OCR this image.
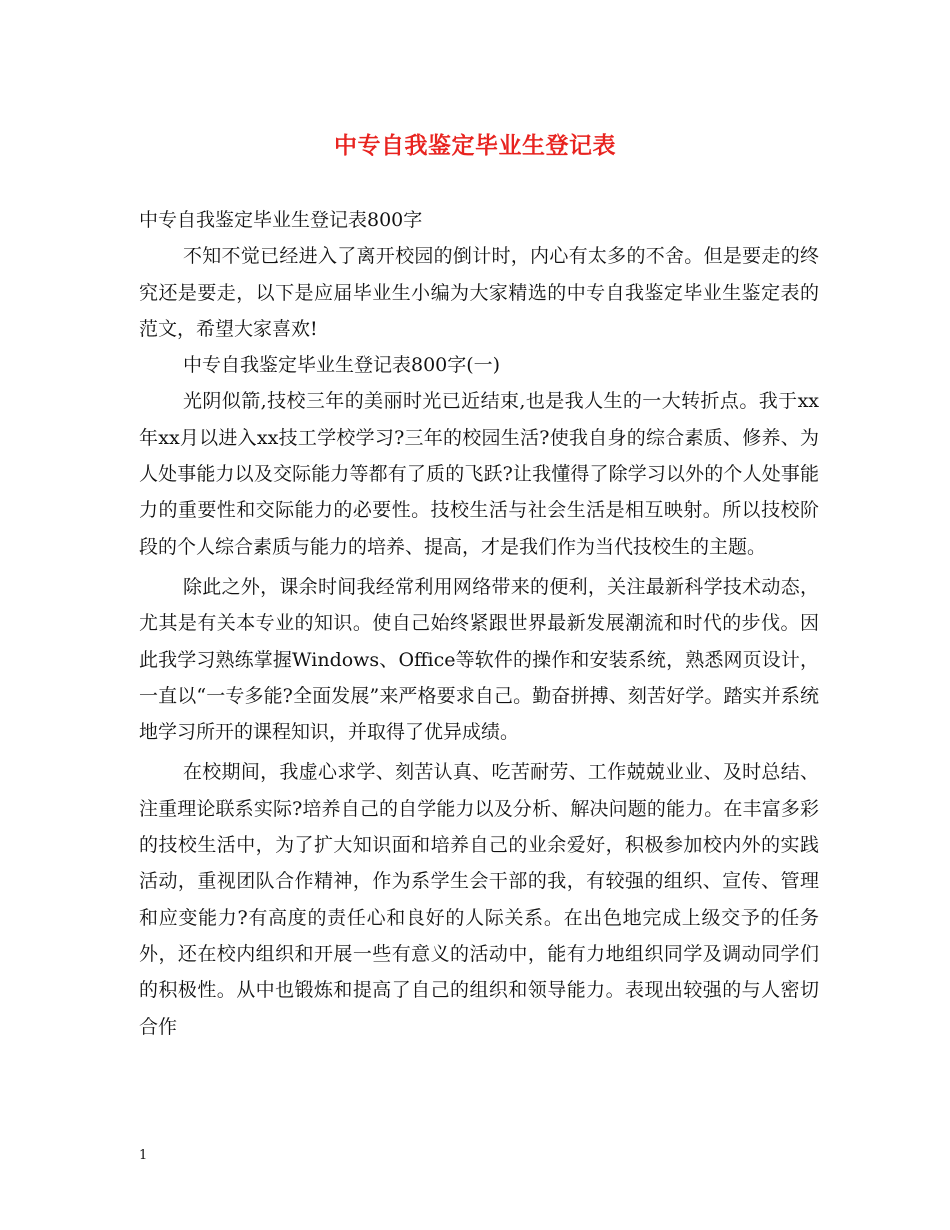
中专自我鉴定毕业生登记表

中专自我鉴定毕业生登记表800字

不知不觉已经进入了离开校园的倒计时，内心有太多的不舍。但是要走的终究还是要走，以下是应届毕业生小编为大家精选的中专自我鉴定毕业生鉴定表的范文，希望大家喜欢!

中专自我鉴定毕业生登记表800字(一)

光阴似箭,技校三年的美丽时光已近结束,也是我人生的一大转折点。我于xx年xx月以进入xx技工学校学习?三年的校园生活?使我自身的综合素质、修养、为人处事能力以及交际能力等都有了质的飞跃?让我懂得了除学习以外的个人处事能力的重要性和交际能力的必要性。技校生活与社会生活是相互映射。所以技校阶段的个人综合素质与能力的培养、提高，才是我们作为当代技校生的主题。

除此之外，课余时间我经常利用网络带来的便利，关注最新科学技术动态，尤其是有关本专业的知识。使自己始终紧跟世界最新发展潮流和时代的步伐。因此我学习熟练掌握Windows、Office等软件的操作和安装系统，熟悉网页设计，一直以“一专多能?全面发展”来严格要求自己。勤奋拼搏、刻苦好学。踏实并系统地学习所开的课程知识，并取得了优异成绩。

在校期间，我虚心求学、刻苦认真、吃苦耐劳、工作兢兢业业、及时总结、注重理论联系实际?培养自己的自学能力以及分析、解决问题的能力。在丰富多彩的技校生活中，为了扩大知识面和培养自己的业余爱好，积极参加校内外的实践活动，重视团队合作精神，作为系学生会干部的我，有较强的组织、宣传、管理和应变能力?有高度的责任心和良好的人际关系。在出色地完成上级交予的任务外，还在校内组织和开展一些有意义的活动中，能有力地组织同学及调动同学们的积极性。从中也锻炼和提高了自己的组织和领导能力。表现出较强的与人密切合作

1
